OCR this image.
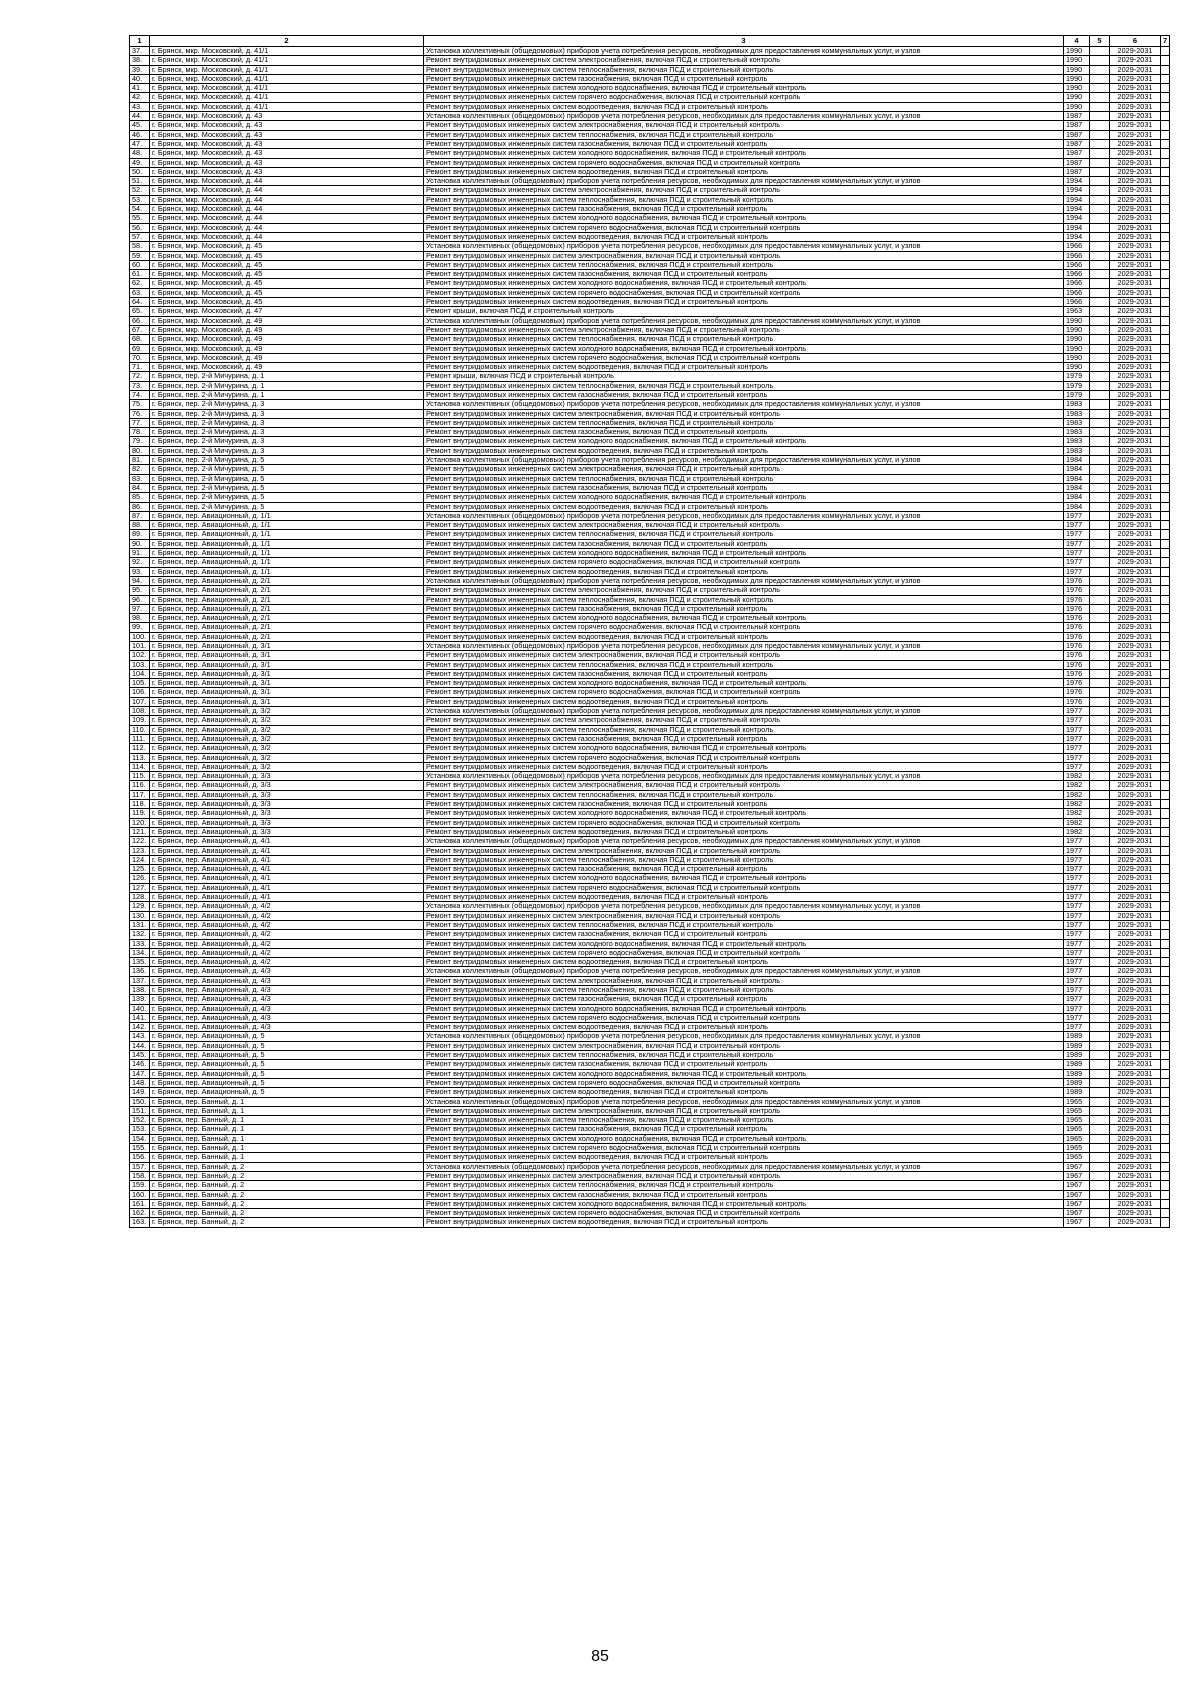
1	2	3	4	5	6	7
37.	г. Брянск, мкр. Московский, д. 41/1	Установка коллективных (общедомовых) приборов учета потребления ресурсов, необходимых для предоставления коммунальных услуг, и узлов	1990		2029-2031	
38.	г. Брянск, мкр. Московский, д. 41/1	Ремонт внутридомовых инженерных систем электроснабжения, включая ПСД и строительный контроль	1990		2029-2031	
39.	г. Брянск, мкр. Московский, д. 41/1	Ремонт внутридомовых инженерных систем теплоснабжения, включая ПСД и строительный контроль	1990		2029-2031	
40.	г. Брянск, мкр. Московский, д. 41/1	Ремонт внутридомовых инженерных систем газоснабжения, включая ПСД и строительный контроль	1990		2029-2031	
41.	г. Брянск, мкр. Московский, д. 41/1	Ремонт внутридомовых инженерных систем холодного водоснабжения, включая ПСД и строительный контроль	1990		2029-2031	
42.	г. Брянск, мкр. Московский, д. 41/1	Ремонт внутридомовых инженерных систем горячего водоснабжения, включая ПСД и строительный контроль	1990		2029-2031	
43.	г. Брянск, мкр. Московский, д. 41/1	Ремонт внутридомовых инженерных систем водоотведения, включая ПСД и строительный контроль	1990		2029-2031	
44.	г. Брянск, мкр. Московский, д. 43	Установка коллективных (общедомовых) приборов учета потребления ресурсов, необходимых для предоставления коммунальных услуг, и узлов	1987		2029-2031	
45.	г. Брянск, мкр. Московский, д. 43	Ремонт внутридомовых инженерных систем электроснабжения, включая ПСД и строительный контроль	1987		2029-2031	
46.	г. Брянск, мкр. Московский, д. 43	Ремонт внутридомовых инженерных систем теплоснабжения, включая ПСД и строительный контроль	1987		2029-2031	
47.	г. Брянск, мкр. Московский, д. 43	Ремонт внутридомовых инженерных систем газоснабжения, включая ПСД и строительный контроль	1987		2029-2031	
48.	г. Брянск, мкр. Московский, д. 43	Ремонт внутридомовых инженерных систем холодного водоснабжения, включая ПСД и строительный контроль	1987		2029-2031	
49.	г. Брянск, мкр. Московский, д. 43	Ремонт внутридомовых инженерных систем горячего водоснабжения, включая ПСД и строительный контроль	1987		2029-2031	
50.	г. Брянск, мкр. Московский, д. 43	Ремонт внутридомовых инженерных систем водоотведения, включая ПСД и строительный контроль	1987		2029-2031	
51.	г. Брянск, мкр. Московский, д. 44	Установка коллективных (общедомовых) приборов учета потребления ресурсов, необходимых для предоставления коммунальных услуг, и узлов	1994		2029-2031	
52.	г. Брянск, мкр. Московский, д. 44	Ремонт внутридомовых инженерных систем электроснабжения, включая ПСД и строительный контроль	1994		2029-2031	
53.	г. Брянск, мкр. Московский, д. 44	Ремонт внутридомовых инженерных систем теплоснабжения, включая ПСД и строительный контроль	1994		2029-2031	
54.	г. Брянск, мкр. Московский, д. 44	Ремонт внутридомовых инженерных систем газоснабжения, включая ПСД и строительный контроль	1994		2029-2031	
55.	г. Брянск, мкр. Московский, д. 44	Ремонт внутридомовых инженерных систем холодного водоснабжения, включая ПСД и строительный контроль	1994		2029-2031	
56.	г. Брянск, мкр. Московский, д. 44	Ремонт внутридомовых инженерных систем горячего водоснабжения, включая ПСД и строительный контроль	1994		2029-2031	
57.	г. Брянск, мкр. Московский, д. 44	Ремонт внутридомовых инженерных систем водоотведения, включая ПСД и строительный контроль	1994		2029-2031	
58.	г. Брянск, мкр. Московский, д. 45	Установка коллективных (общедомовых) приборов учета потребления ресурсов, необходимых для предоставления коммунальных услуг, и узлов	1966		2029-2031	
59.	г. Брянск, мкр. Московский, д. 45	Ремонт внутридомовых инженерных систем электроснабжения, включая ПСД и строительный контроль	1966		2029-2031	
60.	г. Брянск, мкр. Московский, д. 45	Ремонт внутридомовых инженерных систем теплоснабжения, включая ПСД и строительный контроль	1966		2029-2031	
61.	г. Брянск, мкр. Московский, д. 45	Ремонт внутридомовых инженерных систем газоснабжения, включая ПСД и строительный контроль	1966		2029-2031	
62.	г. Брянск, мкр. Московский, д. 45	Ремонт внутридомовых инженерных систем холодного водоснабжения, включая ПСД и строительный контроль	1966		2029-2031	
63.	г. Брянск, мкр. Московский, д. 45	Ремонт внутридомовых инженерных систем горячего водоснабжения, включая ПСД и строительный контроль	1966		2029-2031	
64.	г. Брянск, мкр. Московский, д. 45	Ремонт внутридомовых инженерных систем водоотведения, включая ПСД и строительный контроль	1966		2029-2031	
65.	г. Брянск, мкр. Московский, д. 47	Ремонт крыши, включая ПСД и строительный контроль	1963		2029-2031	
66.	г. Брянск, мкр. Московский, д. 49	Установка коллективных (общедомовых) приборов учета потребления ресурсов, необходимых для предоставления коммунальных услуг, и узлов	1990		2029-2031	
67.	г. Брянск, мкр. Московский, д. 49	Ремонт внутридомовых инженерных систем электроснабжения, включая ПСД и строительный контроль	1990		2029-2031	
68.	г. Брянск, мкр. Московский, д. 49	Ремонт внутридомовых инженерных систем теплоснабжения, включая ПСД и строительный контроль	1990		2029-2031	
69.	г. Брянск, мкр. Московский, д. 49	Ремонт внутридомовых инженерных систем холодного водоснабжения, включая ПСД и строительный контроль	1990		2029-2031	
70.	г. Брянск, мкр. Московский, д. 49	Ремонт внутридомовых инженерных систем горячего водоснабжения, включая ПСД и строительный контроль	1990		2029-2031	
71.	г. Брянск, мкр. Московский, д. 49	Ремонт внутридомовых инженерных систем водоотведения, включая ПСД и строительный контроль	1990		2029-2031	
72.	г. Брянск, пер. 2-й Мичурина, д. 1	Ремонт крыши, включая ПСД и строительный контроль	1979		2029-2031	
73.	г. Брянск, пер. 2-й Мичурина, д. 1	Ремонт внутридомовых инженерных систем теплоснабжения, включая ПСД и строительный контроль	1979		2029-2031	
74.	г. Брянск, пер. 2-й Мичурина, д. 1	Ремонт внутридомовых инженерных систем газоснабжения, включая ПСД и строительный контроль	1979		2029-2031	
75.	г. Брянск, пер. 2-й Мичурина, д. 3	Установка коллективных (общедомовых) приборов учета потребления ресурсов, необходимых для предоставления коммунальных услуг, и узлов	1983		2029-2031	
76.	г. Брянск, пер. 2-й Мичурина, д. 3	Ремонт внутридомовых инженерных систем электроснабжения, включая ПСД и строительный контроль	1983		2029-2031	
77.	г. Брянск, пер. 2-й Мичурина, д. 3	Ремонт внутридомовых инженерных систем теплоснабжения, включая ПСД и строительный контроль	1983		2029-2031	
78.	г. Брянск, пер. 2-й Мичурина, д. 3	Ремонт внутридомовых инженерных систем газоснабжения, включая ПСД и строительный контроль	1983		2029-2031	
79.	г. Брянск, пер. 2-й Мичурина, д. 3	Ремонт внутридомовых инженерных систем холодного водоснабжения, включая ПСД и строительный контроль	1983		2029-2031	
80.	г. Брянск, пер. 2-й Мичурина, д. 3	Ремонт внутридомовых инженерных систем водоотведения, включая ПСД и строительный контроль	1983		2029-2031	
81.	г. Брянск, пер. 2-й Мичурина, д. 5	Установка коллективных (общедомовых) приборов учета потребления ресурсов, необходимых для предоставления коммунальных услуг, и узлов	1984		2029-2031	
82.	г. Брянск, пер. 2-й Мичурина, д. 5	Ремонт внутридомовых инженерных систем электроснабжения, включая ПСД и строительный контроль	1984		2029-2031	
83.	г. Брянск, пер. 2-й Мичурина, д. 5	Ремонт внутридомовых инженерных систем теплоснабжения, включая ПСД и строительный контроль	1984		2029-2031	
84.	г. Брянск, пер. 2-й Мичурина, д. 5	Ремонт внутридомовых инженерных систем газоснабжения, включая ПСД и строительный контроль	1984		2029-2031	
85.	г. Брянск, пер. 2-й Мичурина, д. 5	Ремонт внутридомовых инженерных систем холодного водоснабжения, включая ПСД и строительный контроль	1984		2029-2031	
86.	г. Брянск, пер. 2-й Мичурина, д. 5	Ремонт внутридомовых инженерных систем водоотведения, включая ПСД и строительный контроль	1984		2029-2031	
87.	г. Брянск, пер. Авиационный, д. 1/1	Установка коллективных (общедомовых) приборов учета потребления ресурсов, необходимых для предоставления коммунальных услуг, и узлов	1977		2029-2031	
88.	г. Брянск, пер. Авиационный, д. 1/1	Ремонт внутридомовых инженерных систем электроснабжения, включая ПСД и строительный контроль	1977		2029-2031	
89.	г. Брянск, пер. Авиационный, д. 1/1	Ремонт внутридомовых инженерных систем теплоснабжения, включая ПСД и строительный контроль	1977		2029-2031	
90.	г. Брянск, пер. Авиационный, д. 1/1	Ремонт внутридомовых инженерных систем газоснабжения, включая ПСД и строительный контроль	1977		2029-2031	
91.	г. Брянск, пер. Авиационный, д. 1/1	Ремонт внутридомовых инженерных систем холодного водоснабжения, включая ПСД и строительный контроль	1977		2029-2031	
92.	г. Брянск, пер. Авиационный, д. 1/1	Ремонт внутридомовых инженерных систем горячего водоснабжения, включая ПСД и строительный контроль	1977		2029-2031	
93.	г. Брянск, пер. Авиационный, д. 1/1	Ремонт внутридомовых инженерных систем водоотведения, включая ПСД и строительный контроль	1977		2029-2031	
94.	г. Брянск, пер. Авиационный, д. 2/1	Установка коллективных (общедомовых) приборов учета потребления ресурсов, необходимых для предоставления коммунальных услуг, и узлов	1976		2029-2031	
95.	г. Брянск, пер. Авиационный, д. 2/1	Ремонт внутридомовых инженерных систем электроснабжения, включая ПСД и строительный контроль	1976		2029-2031	
96.	г. Брянск, пер. Авиационный, д. 2/1	Ремонт внутридомовых инженерных систем теплоснабжения, включая ПСД и строительный контроль	1976		2029-2031	
97.	г. Брянск, пер. Авиационный, д. 2/1	Ремонт внутридомовых инженерных систем газоснабжения, включая ПСД и строительный контроль	1976		2029-2031	
98.	г. Брянск, пер. Авиационный, д. 2/1	Ремонт внутридомовых инженерных систем холодного водоснабжения, включая ПСД и строительный контроль	1976		2029-2031	
99.	г. Брянск, пер. Авиационный, д. 2/1	Ремонт внутридомовых инженерных систем горячего водоснабжения, включая ПСД и строительный контроль	1976		2029-2031	
100.	г. Брянск, пер. Авиационный, д. 2/1	Ремонт внутридомовых инженерных систем водоотведения, включая ПСД и строительный контроль	1976		2029-2031	
101.	г. Брянск, пер. Авиационный, д. 3/1	Установка коллективных (общедомовых) приборов учета потребления ресурсов, необходимых для предоставления коммунальных услуг, и узлов	1976		2029-2031	
102.	г. Брянск, пер. Авиационный, д. 3/1	Ремонт внутридомовых инженерных систем электроснабжения, включая ПСД и строительный контроль	1976		2029-2031	
103.	г. Брянск, пер. Авиационный, д. 3/1	Ремонт внутридомовых инженерных систем теплоснабжения, включая ПСД и строительный контроль	1976		2029-2031	
104.	г. Брянск, пер. Авиационный, д. 3/1	Ремонт внутридомовых инженерных систем газоснабжения, включая ПСД и строительный контроль	1976		2029-2031	
105.	г. Брянск, пер. Авиационный, д. 3/1	Ремонт внутридомовых инженерных систем холодного водоснабжения, включая ПСД и строительный контроль	1976		2029-2031	
106.	г. Брянск, пер. Авиационный, д. 3/1	Ремонт внутридомовых инженерных систем горячего водоснабжения, включая ПСД и строительный контроль	1976		2029-2031	
107.	г. Брянск, пер. Авиационный, д. 3/1	Ремонт внутридомовых инженерных систем водоотведения, включая ПСД и строительный контроль	1976		2029-2031	
108.	г. Брянск, пер. Авиационный, д. 3/2	Установка коллективных (общедомовых) приборов учета потребления ресурсов, необходимых для предоставления коммунальных услуг, и узлов	1977		2029-2031	
109.	г. Брянск, пер. Авиационный, д. 3/2	Ремонт внутридомовых инженерных систем электроснабжения, включая ПСД и строительный контроль	1977		2029-2031	
110.	г. Брянск, пер. Авиационный, д. 3/2	Ремонт внутридомовых инженерных систем теплоснабжения, включая ПСД и строительный контроль	1977		2029-2031	
111.	г. Брянск, пер. Авиационный, д. 3/2	Ремонт внутридомовых инженерных систем газоснабжения, включая ПСД и строительный контроль	1977		2029-2031	
112.	г. Брянск, пер. Авиационный, д. 3/2	Ремонт внутридомовых инженерных систем холодного водоснабжения, включая ПСД и строительный контроль	1977		2029-2031	
113.	г. Брянск, пер. Авиационный, д. 3/2	Ремонт внутридомовых инженерных систем горячего водоснабжения, включая ПСД и строительный контроль	1977		2029-2031	
114.	г. Брянск, пер. Авиационный, д. 3/2	Ремонт внутридомовых инженерных систем водоотведения, включая ПСД и строительный контроль	1977		2029-2031	
115.	г. Брянск, пер. Авиационный, д. 3/3	Установка коллективных (общедомовых) приборов учета потребления ресурсов, необходимых для предоставления коммунальных услуг, и узлов	1982		2029-2031	
116.	г. Брянск, пер. Авиационный, д. 3/3	Ремонт внутридомовых инженерных систем электроснабжения, включая ПСД и строительный контроль	1982		2029-2031	
117.	г. Брянск, пер. Авиационный, д. 3/3	Ремонт внутридомовых инженерных систем теплоснабжения, включая ПСД и строительный контроль	1982		2029-2031	
118.	г. Брянск, пер. Авиационный, д. 3/3	Ремонт внутридомовых инженерных систем газоснабжения, включая ПСД и строительный контроль	1982		2029-2031	
119.	г. Брянск, пер. Авиационный, д. 3/3	Ремонт внутридомовых инженерных систем холодного водоснабжения, включая ПСД и строительный контроль	1982		2029-2031	
120.	г. Брянск, пер. Авиационный, д. 3/3	Ремонт внутридомовых инженерных систем горячего водоснабжения, включая ПСД и строительный контроль	1982		2029-2031	
121.	г. Брянск, пер. Авиационный, д. 3/3	Ремонт внутридомовых инженерных систем водоотведения, включая ПСД и строительный контроль	1982		2029-2031	
122.	г. Брянск, пер. Авиационный, д. 4/1	Установка коллективных (общедомовых) приборов учета потребления ресурсов, необходимых для предоставления коммунальных услуг, и узлов	1977		2029-2031	
123.	г. Брянск, пер. Авиационный, д. 4/1	Ремонт внутридомовых инженерных систем электроснабжения, включая ПСД и строительный контроль	1977		2029-2031	
124.	г. Брянск, пер. Авиационный, д. 4/1	Ремонт внутридомовых инженерных систем теплоснабжения, включая ПСД и строительный контроль	1977		2029-2031	
125.	г. Брянск, пер. Авиационный, д. 4/1	Ремонт внутридомовых инженерных систем газоснабжения, включая ПСД и строительный контроль	1977		2029-2031	
126.	г. Брянск, пер. Авиационный, д. 4/1	Ремонт внутридомовых инженерных систем холодного водоснабжения, включая ПСД и строительный контроль	1977		2029-2031	
127.	г. Брянск, пер. Авиационный, д. 4/1	Ремонт внутридомовых инженерных систем горячего водоснабжения, включая ПСД и строительный контроль	1977		2029-2031	
128.	г. Брянск, пер. Авиационный, д. 4/1	Ремонт внутридомовых инженерных систем водоотведения, включая ПСД и строительный контроль	1977		2029-2031	
129.	г. Брянск, пер. Авиационный, д. 4/2	Установка коллективных (общедомовых) приборов учета потребления ресурсов, необходимых для предоставления коммунальных услуг, и узлов	1977		2029-2031	
130.	г. Брянск, пер. Авиационный, д. 4/2	Ремонт внутридомовых инженерных систем электроснабжения, включая ПСД и строительный контроль	1977		2029-2031	
131.	г. Брянск, пер. Авиационный, д. 4/2	Ремонт внутридомовых инженерных систем теплоснабжения, включая ПСД и строительный контроль	1977		2029-2031	
132.	г. Брянск, пер. Авиационный, д. 4/2	Ремонт внутридомовых инженерных систем газоснабжения, включая ПСД и строительный контроль	1977		2029-2031	
133.	г. Брянск, пер. Авиационный, д. 4/2	Ремонт внутридомовых инженерных систем холодного водоснабжения, включая ПСД и строительный контроль	1977		2029-2031	
134.	г. Брянск, пер. Авиационный, д. 4/2	Ремонт внутридомовых инженерных систем горячего водоснабжения, включая ПСД и строительный контроль	1977		2029-2031	
135.	г. Брянск, пер. Авиационный, д. 4/2	Ремонт внутридомовых инженерных систем водоотведения, включая ПСД и строительный контроль	1977		2029-2031	
136.	г. Брянск, пер. Авиационный, д. 4/3	Установка коллективных (общедомовых) приборов учета потребления ресурсов, необходимых для предоставления коммунальных услуг, и узлов	1977		2029-2031	
137.	г. Брянск, пер. Авиационный, д. 4/3	Ремонт внутридомовых инженерных систем электроснабжения, включая ПСД и строительный контроль	1977		2029-2031	
138.	г. Брянск, пер. Авиационный, д. 4/3	Ремонт внутридомовых инженерных систем теплоснабжения, включая ПСД и строительный контроль	1977		2029-2031	
139.	г. Брянск, пер. Авиационный, д. 4/3	Ремонт внутридомовых инженерных систем газоснабжения, включая ПСД и строительный контроль	1977		2029-2031	
140.	г. Брянск, пер. Авиационный, д. 4/3	Ремонт внутридомовых инженерных систем холодного водоснабжения, включая ПСД и строительный контроль	1977		2029-2031	
141.	г. Брянск, пер. Авиационный, д. 4/3	Ремонт внутридомовых инженерных систем горячего водоснабжения, включая ПСД и строительный контроль	1977		2029-2031	
142.	г. Брянск, пер. Авиационный, д. 4/3	Ремонт внутридомовых инженерных систем водоотведения, включая ПСД и строительный контроль	1977		2029-2031	
143.	г. Брянск, пер. Авиационный, д. 5	Установка коллективных (общедомовых) приборов учета потребления ресурсов, необходимых для предоставления коммунальных услуг, и узлов	1989		2029-2031	
144.	г. Брянск, пер. Авиационный, д. 5	Ремонт внутридомовых инженерных систем электроснабжения, включая ПСД и строительный контроль	1989		2029-2031	
145.	г. Брянск, пер. Авиационный, д. 5	Ремонт внутридомовых инженерных систем теплоснабжения, включая ПСД и строительный контроль	1989		2029-2031	
146.	г. Брянск, пер. Авиационный, д. 5	Ремонт внутридомовых инженерных систем газоснабжения, включая ПСД и строительный контроль	1989		2029-2031	
147.	г. Брянск, пер. Авиационный, д. 5	Ремонт внутридомовых инженерных систем холодного водоснабжения, включая ПСД и строительный контроль	1989		2029-2031	
148.	г. Брянск, пер. Авиационный, д. 5	Ремонт внутридомовых инженерных систем горячего водоснабжения, включая ПСД и строительный контроль	1989		2029-2031	
149.	г. Брянск, пер. Авиационный, д. 5	Ремонт внутридомовых инженерных систем водоотведения, включая ПСД и строительный контроль	1989		2029-2031	
150.	г. Брянск, пер. Банный, д. 1	Установка коллективных (общедомовых) приборов учета потребления ресурсов, необходимых для предоставления коммунальных услуг, и узлов	1965		2029-2031	
151.	г. Брянск, пер. Банный, д. 1	Ремонт внутридомовых инженерных систем электроснабжения, включая ПСД и строительный контроль	1965		2029-2031	
152.	г. Брянск, пер. Банный, д. 1	Ремонт внутридомовых инженерных систем теплоснабжения, включая ПСД и строительный контроль	1965		2029-2031	
153.	г. Брянск, пер. Банный, д. 1	Ремонт внутридомовых инженерных систем газоснабжения, включая ПСД и строительный контроль	1965		2029-2031	
154.	г. Брянск, пер. Банный, д. 1	Ремонт внутридомовых инженерных систем холодного водоснабжения, включая ПСД и строительный контроль	1965		2029-2031	
155.	г. Брянск, пер. Банный, д. 1	Ремонт внутридомовых инженерных систем горячего водоснабжения, включая ПСД и строительный контроль	1965		2029-2031	
156.	г. Брянск, пер. Банный, д. 1	Ремонт внутридомовых инженерных систем водоотведения, включая ПСД и строительный контроль	1965		2029-2031	
157.	г. Брянск, пер. Банный, д. 2	Установка коллективных (общедомовых) приборов учета потребления ресурсов, необходимых для предоставления коммунальных услуг, и узлов	1967		2029-2031	
158.	г. Брянск, пер. Банный, д. 2	Ремонт внутридомовых инженерных систем электроснабжения, включая ПСД и строительный контроль	1967		2029-2031	
159.	г. Брянск, пер. Банный, д. 2	Ремонт внутридомовых инженерных систем теплоснабжения, включая ПСД и строительный контроль	1967		2029-2031	
160.	г. Брянск, пер. Банный, д. 2	Ремонт внутридомовых инженерных систем газоснабжения, включая ПСД и строительный контроль	1967		2029-2031	
161.	г. Брянск, пер. Банный, д. 2	Ремонт внутридомовых инженерных систем холодного водоснабжения, включая ПСД и строительный контроль	1967		2029-2031	
162.	г. Брянск, пер. Банный, д. 2	Ремонт внутридомовых инженерных систем горячего водоснабжения, включая ПСД и строительный контроль	1967		2029-2031	
163.	г. Брянск, пер. Банный, д. 2	Ремонт внутридомовых инженерных систем водоотведения, включая ПСД и строительный контроль	1967		2029-2031	
85
